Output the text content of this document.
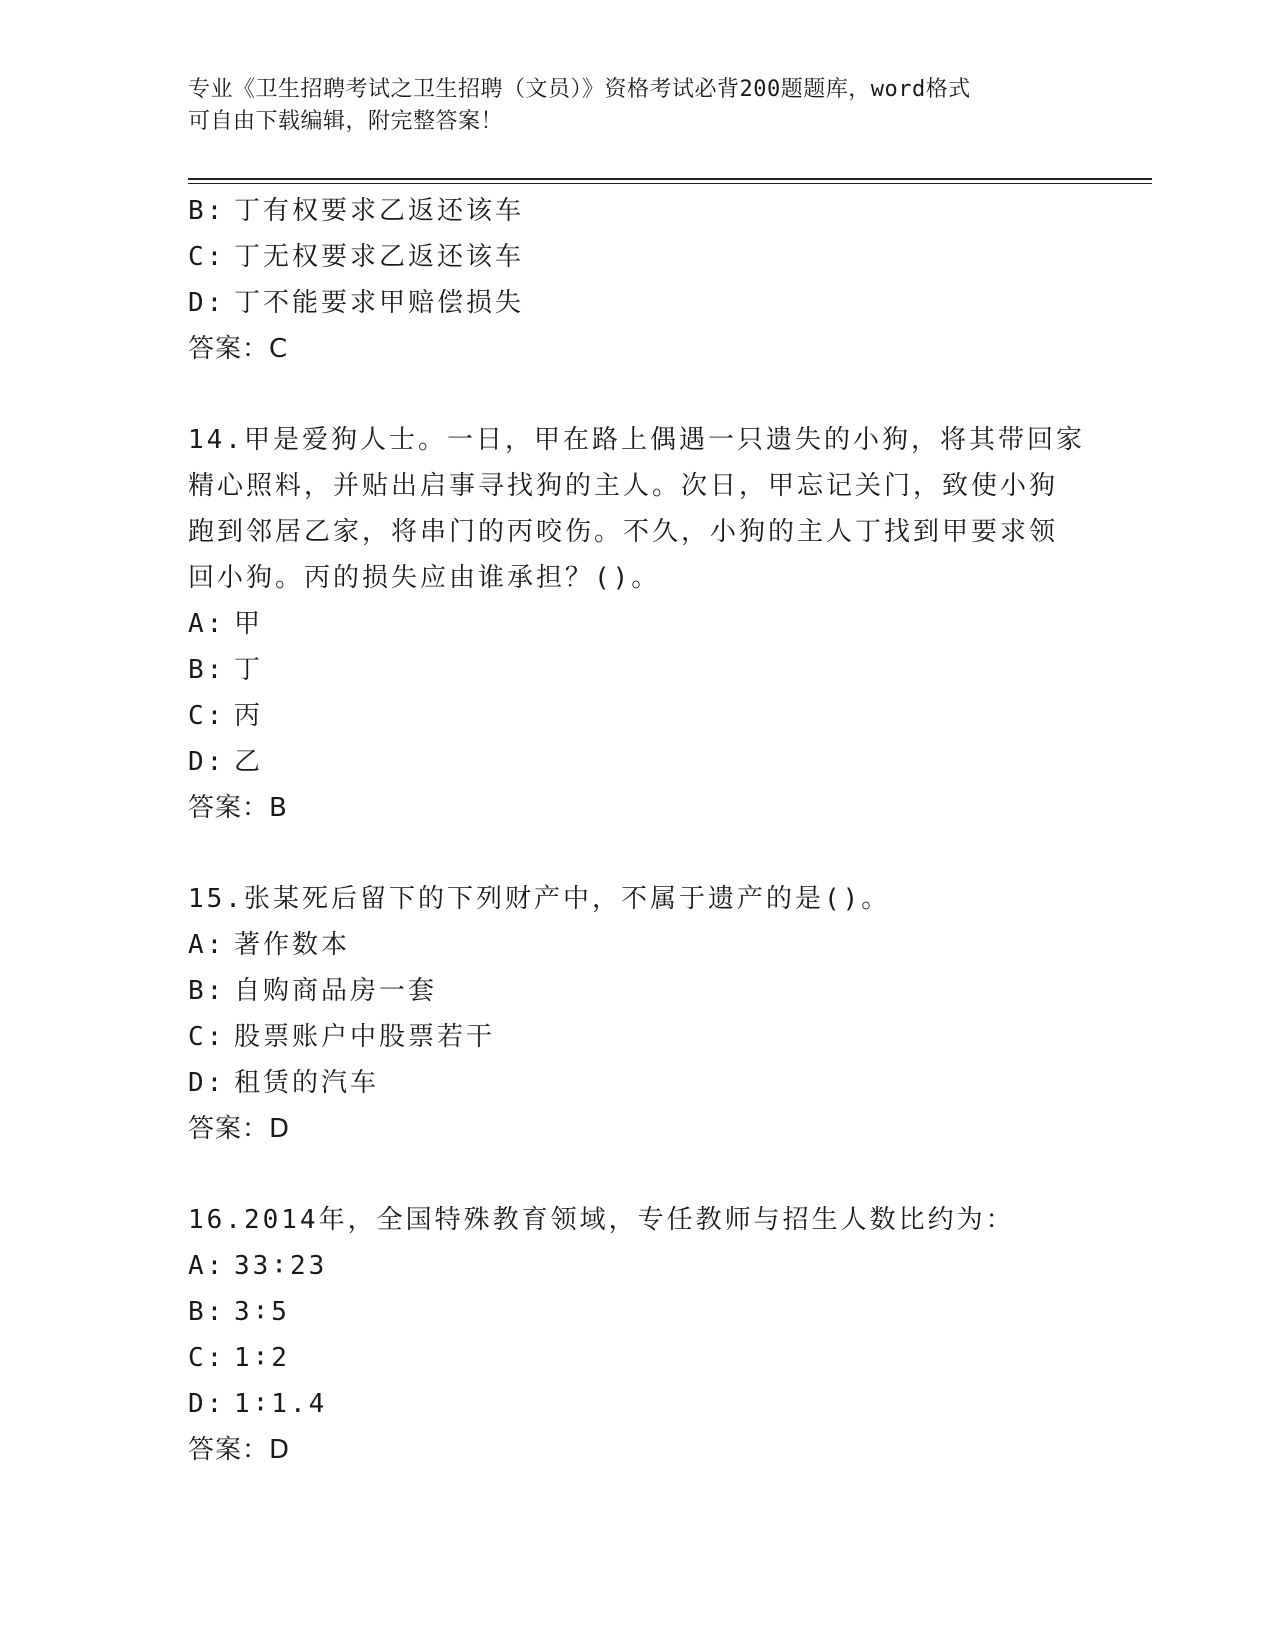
专业《卫生招聘考试之卫生招聘（文员）》资格考试必背200题题库，word格式
可自由下载编辑，附完整答案！
B: 丁有权要求乙返还该车
C: 丁无权要求乙返还该车
D: 丁不能要求甲赔偿损失
答案：C
14.甲是爱狗人士。一日，甲在路上偶遇一只遗失的小狗，将其带回家
精心照料，并贴出启事寻找狗的主人。次日，甲忘记关门，致使小狗
跑到邻居乙家，将串门的丙咬伤。不久，小狗的主人丁找到甲要求领
回小狗。丙的损失应由谁承担？()。
A: 甲
B: 丁
C: 丙
D: 乙
答案：B
15.张某死后留下的下列财产中，不属于遗产的是()。
A: 著作数本
B: 自购商品房一套
C: 股票账户中股票若干
D: 租赁的汽车
答案：D
16.2014年，全国特殊教育领域，专任教师与招生人数比约为：
A: 33∶23
B: 3∶5
C: 1∶2
D: 1∶1.4
答案：D
